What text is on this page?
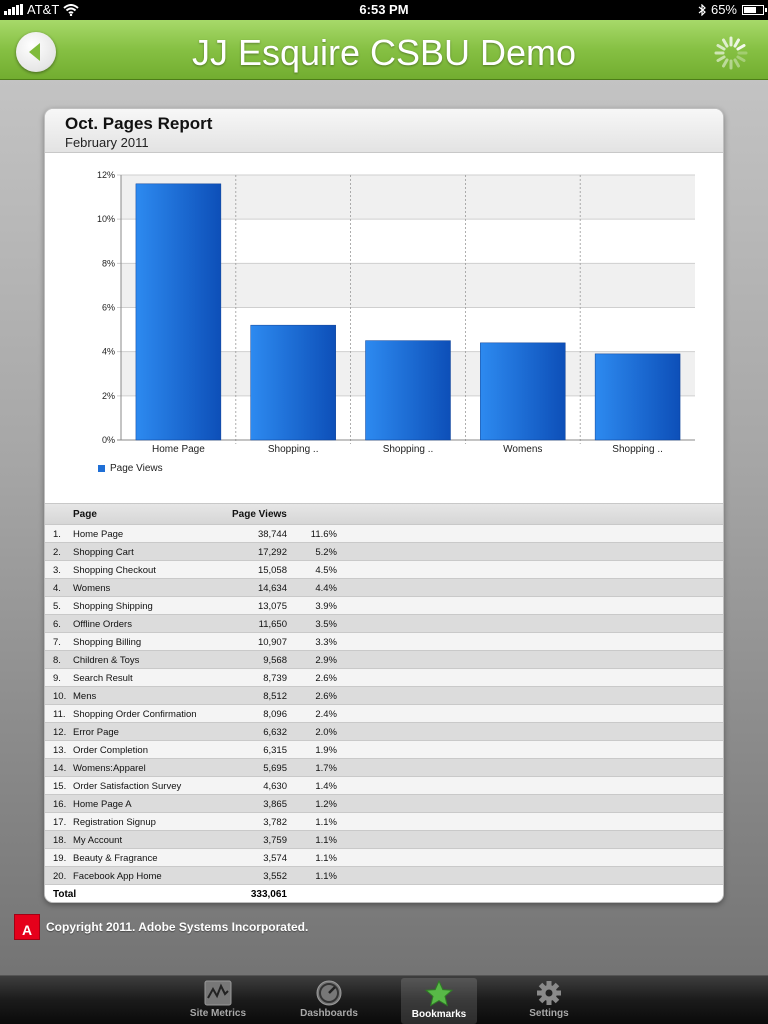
AT&T	6:53 PM	65%
JJ Esquire CSBU Demo
Oct. Pages Report
February 2011
0%
2%
4%
6%
8%
10%
12%
Home Page	Shopping ..	Shopping ..	Womens	Shopping ..
Page Views
Page	Page Views
1. Home Page	38,744	11.6%
2. Shopping Cart	17,292	5.2%
3. Shopping Checkout	15,058	4.5%
4. Womens	14,634	4.4%
5. Shopping Shipping	13,075	3.9%
6. Offline Orders	11,650	3.5%
7. Shopping Billing	10,907	3.3%
8. Children & Toys	9,568	2.9%
9. Search Result	8,739	2.6%
10. Mens	8,512	2.6%
11. Shopping Order Confirmation	8,096	2.4%
12. Error Page	6,632	2.0%
13. Order Completion	6,315	1.9%
14. Womens:Apparel	5,695	1.7%
15. Order Satisfaction Survey	4,630	1.4%
16. Home Page A	3,865	1.2%
17. Registration Signup	3,782	1.1%
18. My Account	3,759	1.1%
19. Beauty & Fragrance	3,574	1.1%
20. Facebook App Home	3,552	1.1%
Total	333,061
A Copyright 2011. Adobe Systems Incorporated.
Site Metrics	Dashboards	Bookmarks	Settings
